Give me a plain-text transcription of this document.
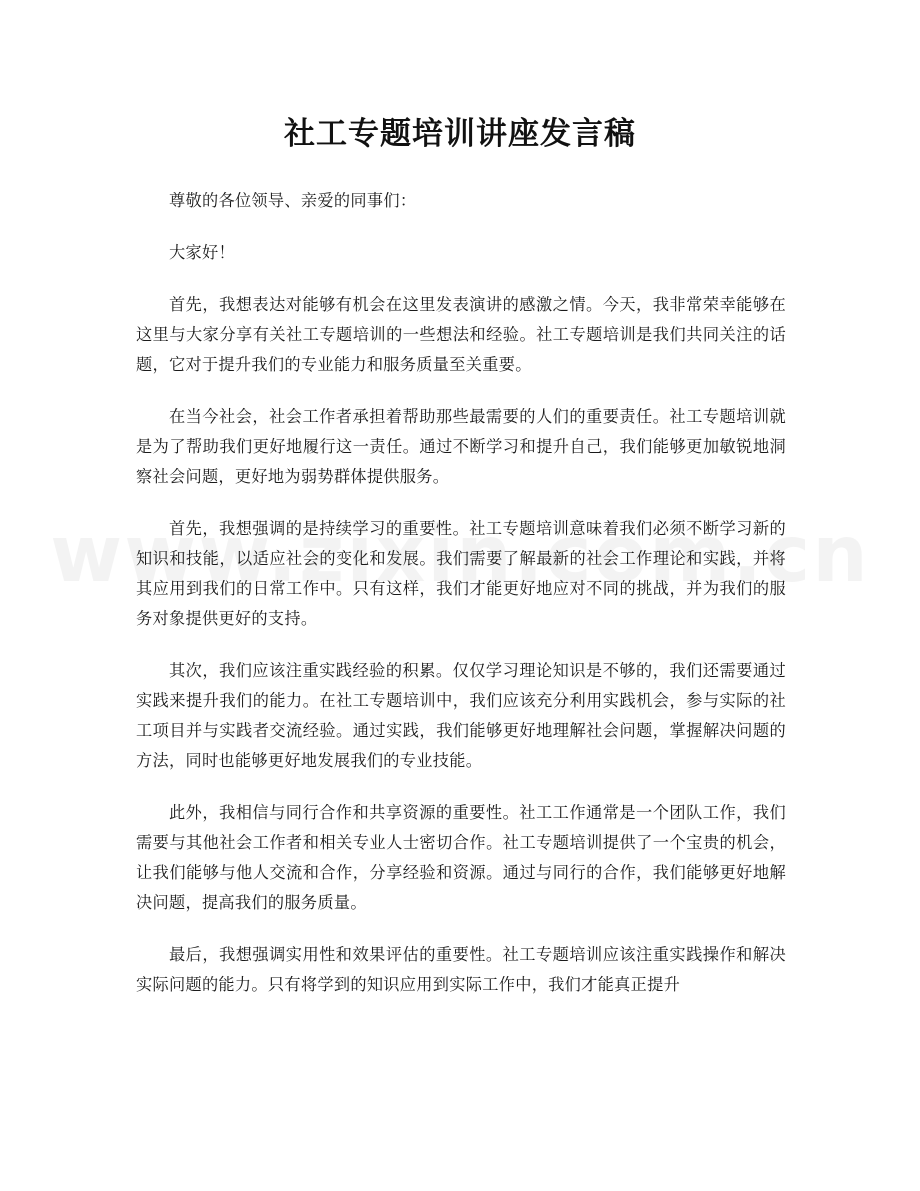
社工专题培训讲座发言稿

尊敬的各位领导、亲爱的同事们：

大家好！

首先，我想表达对能够有机会在这里发表演讲的感激之情。今天，我非常荣幸能够在这里与大家分享有关社工专题培训的一些想法和经验。社工专题培训是我们共同关注的话题，它对于提升我们的专业能力和服务质量至关重要。

在当今社会，社会工作者承担着帮助那些最需要的人们的重要责任。社工专题培训就是为了帮助我们更好地履行这一责任。通过不断学习和提升自己，我们能够更加敏锐地洞察社会问题，更好地为弱势群体提供服务。

首先，我想强调的是持续学习的重要性。社工专题培训意味着我们必须不断学习新的知识和技能，以适应社会的变化和发展。我们需要了解最新的社会工作理论和实践，并将其应用到我们的日常工作中。只有这样，我们才能更好地应对不同的挑战，并为我们的服务对象提供更好的支持。

其次，我们应该注重实践经验的积累。仅仅学习理论知识是不够的，我们还需要通过实践来提升我们的能力。在社工专题培训中，我们应该充分利用实践机会，参与实际的社工项目并与实践者交流经验。通过实践，我们能够更好地理解社会问题，掌握解决问题的方法，同时也能够更好地发展我们的专业技能。

此外，我相信与同行合作和共享资源的重要性。社工工作通常是一个团队工作，我们需要与其他社会工作者和相关专业人士密切合作。社工专题培训提供了一个宝贵的机会，让我们能够与他人交流和合作，分享经验和资源。通过与同行的合作，我们能够更好地解决问题，提高我们的服务质量。

最后，我想强调实用性和效果评估的重要性。社工专题培训应该注重实践操作和解决实际问题的能力。只有将学到的知识应用到实际工作中，我们才能真正提升
